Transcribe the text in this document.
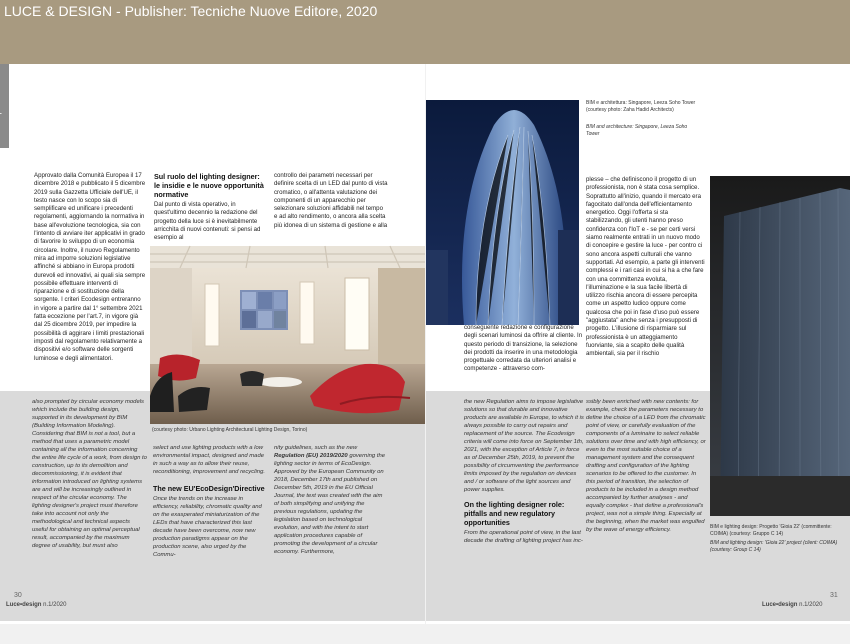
LUCE & DESIGN - Publisher: Tecniche Nuove Editore, 2020

Approvato dalla Comunità Europea il 17 dicembre 2018 e pubblicato il 5 dicembre 2019 sulla Gazzetta Ufficiale dell'UE, il testo nasce con lo scopo sia di semplificare ed unificare i precedenti regolamenti, aggiornando la normativa in base all'evoluzione tecnologica, sia con l'intento di avviare iter applicativi in grado di favorire lo sviluppo di un economia circolare. Inoltre, il nuovo Regolamento mira ad imporre soluzioni legislative affinché si abbiano in Europa prodotti durevoli ed innovativi, ai quali sia sempre possibile effettuare interventi di riparazione e di sostituzione della sorgente. I criteri Ecodesign entreranno in vigore a partire dal 1° settembre 2021 fatta eccezione per l'art.7, in vigore già dal 25 dicembre 2019, per impedire la possibilità di aggirare i limiti prestazionali imposti dal regolamento relativamente a dispositivi e/o software delle sorgenti luminose e degli alimentatori.

Sul ruolo del lighting designer: le insidie e le nuove opportunità normative

Dal punto di vista operativo, in quest'ultimo decennio la redazione del progetto della luce si è inevitabilmente arricchita di nuovi contenuti: si pensi ad esempio al

controllo dei parametri necessari per definire scelta di un LED dal punto di vista cromatico, o all'attenta valutazione dei componenti di un apparecchio per selezionare soluzioni affidabili nel tempo e ad alto rendimento, o ancora alla scelta più idonea di un sistema di gestione e alla

(courtesy photo: Urbano Lighting Architectural Lighting Design, Torino)

also prompted by circular economy models which include the building design, supported in its development by BIM (Building Information Modeling). Considering that BIM is not a tool, but a method that uses a parametric model containing all the information concerning the entire life cycle of a work, from design to construction, up to its demolition and decommissioning, it is evident that information introduced on lighting systems are and will be increasingly outlined in respect of the circular economy. The lighting designer's project must therefore take into account not only the methodological and technical aspects useful for obtaining an optimal perceptual result, accompanied by the maximum degree of usability, but must also

select and use lighting products with a low environmental impact, designed and made in such a way as to allow their reuse, reconditioning, improvement and recycling.
The new EU'EcoDesign'Directive
Once the trends on the increase in efficiency, reliability, chromatic quality and on the exasperated miniaturization of the LEDs that have characterized this last decade have been overcome, now new production paradigms appear on the production scene, also urged by the Commu-
nity guidelines, such as the new Regulation (EU) 2019/2020 governing the lighting sector in terms of EcoDesign. Approved by the European Community on 2018, December 17th and published on December 5th, 2019 in the EU Official Journal, the text was created with the aim of both simplifying and unifying the previous regulations, updating the legislation based on technological evolution, and with the intent to start application procedures capable of promoting the development of a circular economy. Furthermore,
30
Luce•design n.1/2020
BIM e architettura: Singapore, Leeza Soho Tower (courtesy photo: Zaha Hadid Architects)
BIM and architecture: Singapore, Leeza Soho Tower

conseguente redazione e configurazione degli scenari luminosi da offrire al cliente. In questo periodo di transizione, la selezione dei prodotti da inserire in una metodologia progettuale corredata da ulteriori analisi e competenze - attraverso com-

plesse – che definiscono il progetto di un professionista, non è stata cosa semplice. Soprattutto all'inizio, quando il mercato era fagocitato dall'onda dell'efficientamento energetico. Oggi l'offerta si sta stabilizzando, gli utenti hanno preso confidenza con l'IoT e - se per certi versi siamo realmente entrati in un nuovo modo di concepire e gestire la luce - per contro ci sono ancora aspetti culturali che vanno supportati. Ad esempio, a parte gli interventi complessi e i rari casi in cui si ha a che fare con una committenza evoluta, l'illuminazione e la sua facile libertà di utilizzo rischia ancora di essere percepita come un aspetto ludico oppure come qualcosa che poi in fase d'uso può essere "aggiustata" anche senza i presupposti di progetto. L'illusione di risparmiare sul professionista è un atteggiamento fuorviante, sia a scapito delle qualità ambientali, sia per il rischio

the new Regulation aims to impose legislative solutions so that durable and innovative products are available in Europe, to which it is always possible to carry out repairs and replacement of the source. The Ecodesign criteria will come into force on September 1th, 2021, with the exception of Article 7, in force as of December 25th, 2019, to prevent the possibility of circumventing the performance limits imposed by the regulation on devices and / or software of the light sources and power supplies.
On the lighting designer role: pitfalls and new regulatory opportunities
From the operational point of view, in the last decade the drafting of lighting project has inc-

ssibly been enriched with new contents: for example, check the parameters necessary to define the choice of a LED from the chromatic point of view, or carefully evaluation of the components of a luminaire to select reliable solutions over time and with high efficiency, or even to the most suitable choice of a management system and the consequent drafting and configuration of the lighting scenarios to be offered to the customer. In this period of transition, the selection of products to be included in a design method accompanied by further analyses - and equally complex - that define a professional's project, was not a simple thing. Especially at the beginning, when the market was engulfed by the wave of energy efficiency.	BIM e lighting design: Progetto 'Gioia 22' (committente: COIMA) (courtesy: Gruppo C 14)
BIM and lighting design: 'Gioia 22' project (client: COIMA) (courtesy: Group C 14)
31
Luce•design n.1/2020
